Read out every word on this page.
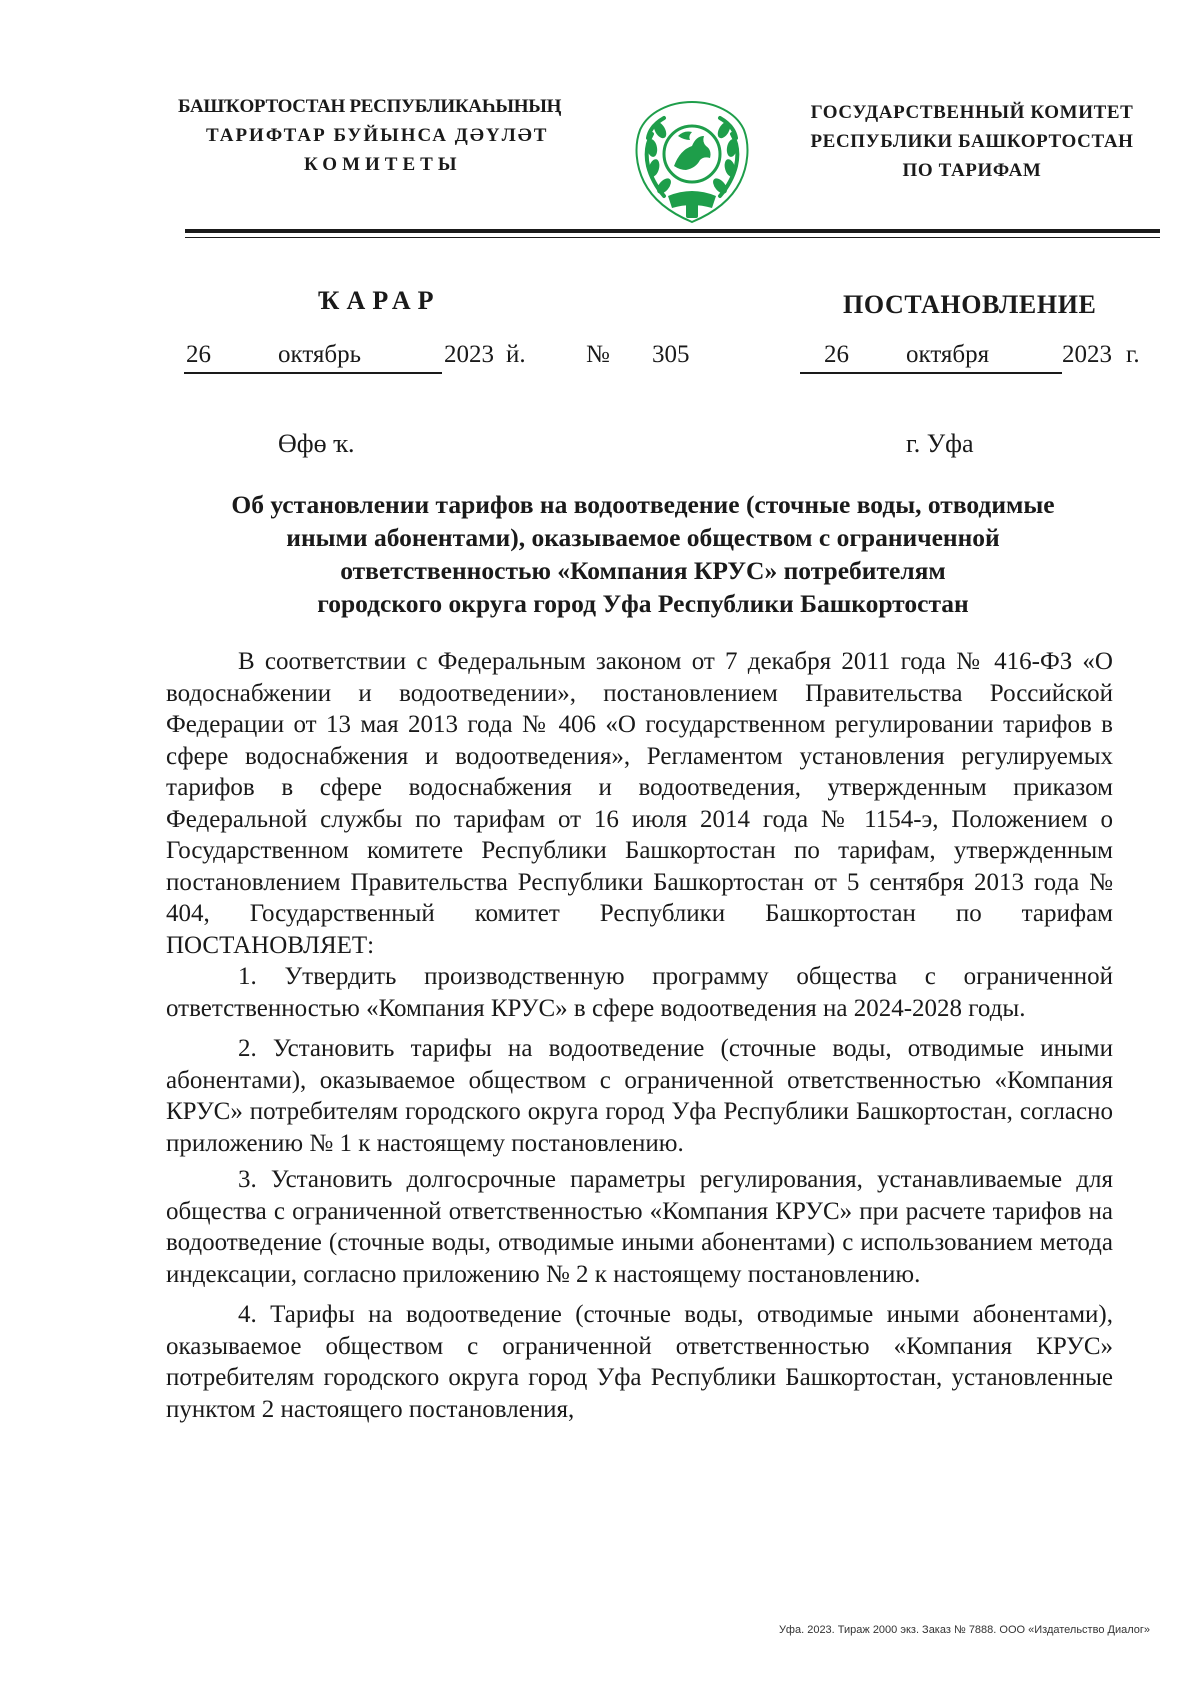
БАШҠОРТОСТАН РЕСПУБЛИКАҺЫНЫҢ
ТАРИФТАР БУЙЫНСА ДӘҮЛӘТ
КОМИТЕТЫ
ГОСУДАРСТВЕННЫЙ КОМИТЕТ
РЕСПУБЛИКИ БАШКОРТОСТАН
ПО ТАРИФАМ
ҠАРАР	ПОСТАНОВЛЕНИЕ
26	октябрь	2023 й. № 305	26 октября	2023 г.
Өфө ҡ.	г. Уфа
Об установлении тарифов на водоотведение (сточные воды, отводимые
иными абонентами), оказываемое обществом с ограниченной
ответственностью «Компания КРУС» потребителям
городского округа город Уфа Республики Башкортостан

В соответствии с Федеральным законом от 7 декабря 2011 года № 416-ФЗ «О водоснабжении и водоотведении», постановлением Правительства Российской Федерации от 13 мая 2013 года № 406 «О государственном регулировании тарифов в сфере водоснабжения и водоотведения», Регламентом установления регулируемых тарифов в сфере водоснабжения и водоотведения, утвержденным приказом Федеральной службы по тарифам от 16 июля 2014 года № 1154-э, Положением о Государственном комитете Республики Башкортостан по тарифам, утвержденным постановлением Правительства Республики Башкортостан от 5 сентября 2013 года № 404, Государственный комитет Республики Башкортостан по тарифам ПОСТАНОВЛЯЕТ:

1. Утвердить производственную программу общества с ограниченной ответственностью «Компания КРУС» в сфере водоотведения на 2024-2028 годы.

2. Установить тарифы на водоотведение (сточные воды, отводимые иными абонентами), оказываемое обществом с ограниченной ответственностью «Компания КРУС» потребителям городского округа город Уфа Республики Башкортостан, согласно приложению № 1 к настоящему постановлению.

3. Установить долгосрочные параметры регулирования, устанавливаемые для общества с ограниченной ответственностью «Компания КРУС» при расчете тарифов на водоотведение (сточные воды, отводимые иными абонентами) с использованием метода индексации, согласно приложению № 2 к настоящему постановлению.

4. Тарифы на водоотведение (сточные воды, отводимые иными абонентами), оказываемое обществом с ограниченной ответственностью «Компания КРУС» потребителям городского округа город Уфа Республики Башкортостан, установленные пунктом 2 настоящего постановления,

Уфа. 2023. Тираж 2000 экз. Заказ № 7888. ООО «Издательство Диалог»
